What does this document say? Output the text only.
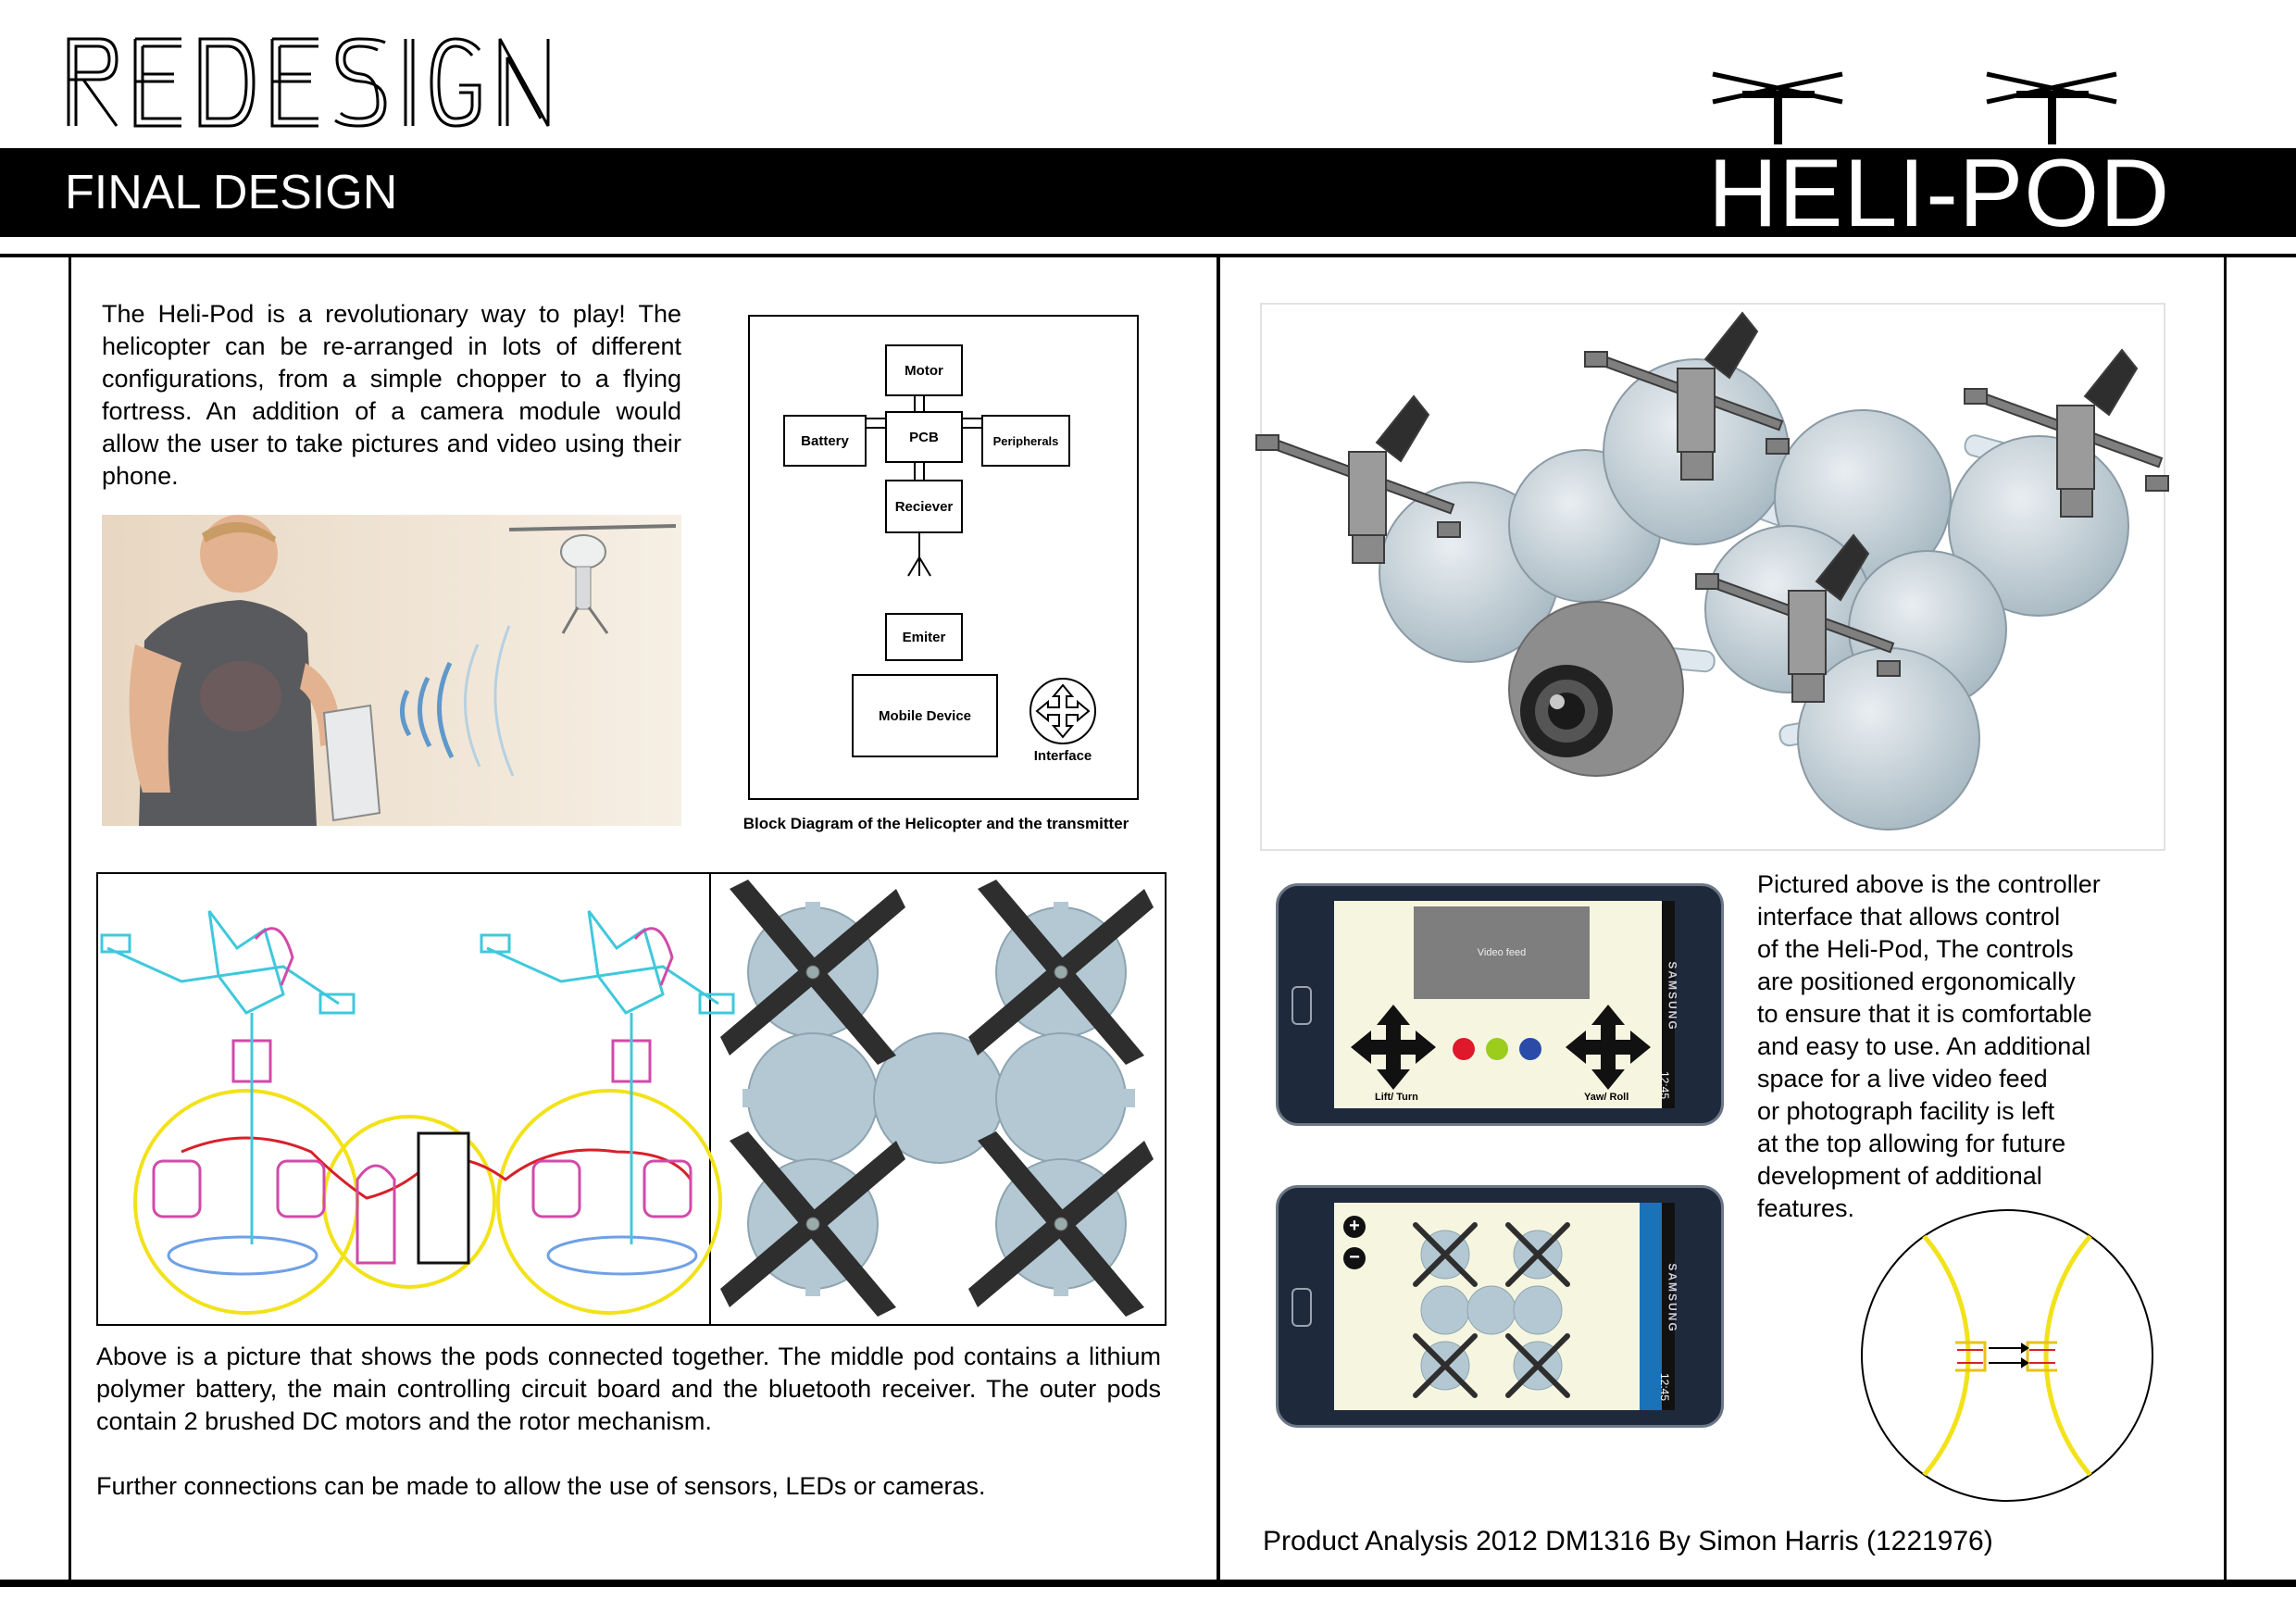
FINAL DESIGN	HELI-POD
The Heli-Pod is a revolutionary way to play! The helicopter can be re-arranged in lots of different configurations, from a simple chopper to a flying fortress. An addition of a camera module would allow the user to take pictures and video using their phone.
Motor
Battery	PCB	Peripherals
Reciever
Emiter
Mobile Device
Interface
Block Diagram of the Helicopter and the transmitter
Above is a picture that shows the pods connected together. The middle pod contains a lithium polymer battery, the main controlling circuit board and the bluetooth receiver. The outer pods contain 2 brushed DC motors and the rotor mechanism.
Further connections can be made to allow the use of sensors, LEDs or cameras.
Video feed
Lift/ Turn	Yaw/ Roll	12:45
SAMSUNG
+
−
12:45
SAMSUNG
Pictured above is the controller
interface that allows control
of the Heli-Pod, The controls
are positioned ergonomically
to ensure that it is comfortable
and easy to use. An additional
space for a live video feed
or photograph facility is left
at the top allowing for future
development of additional
features.
Product Analysis 2012 DM1316 By Simon Harris (1221976)
